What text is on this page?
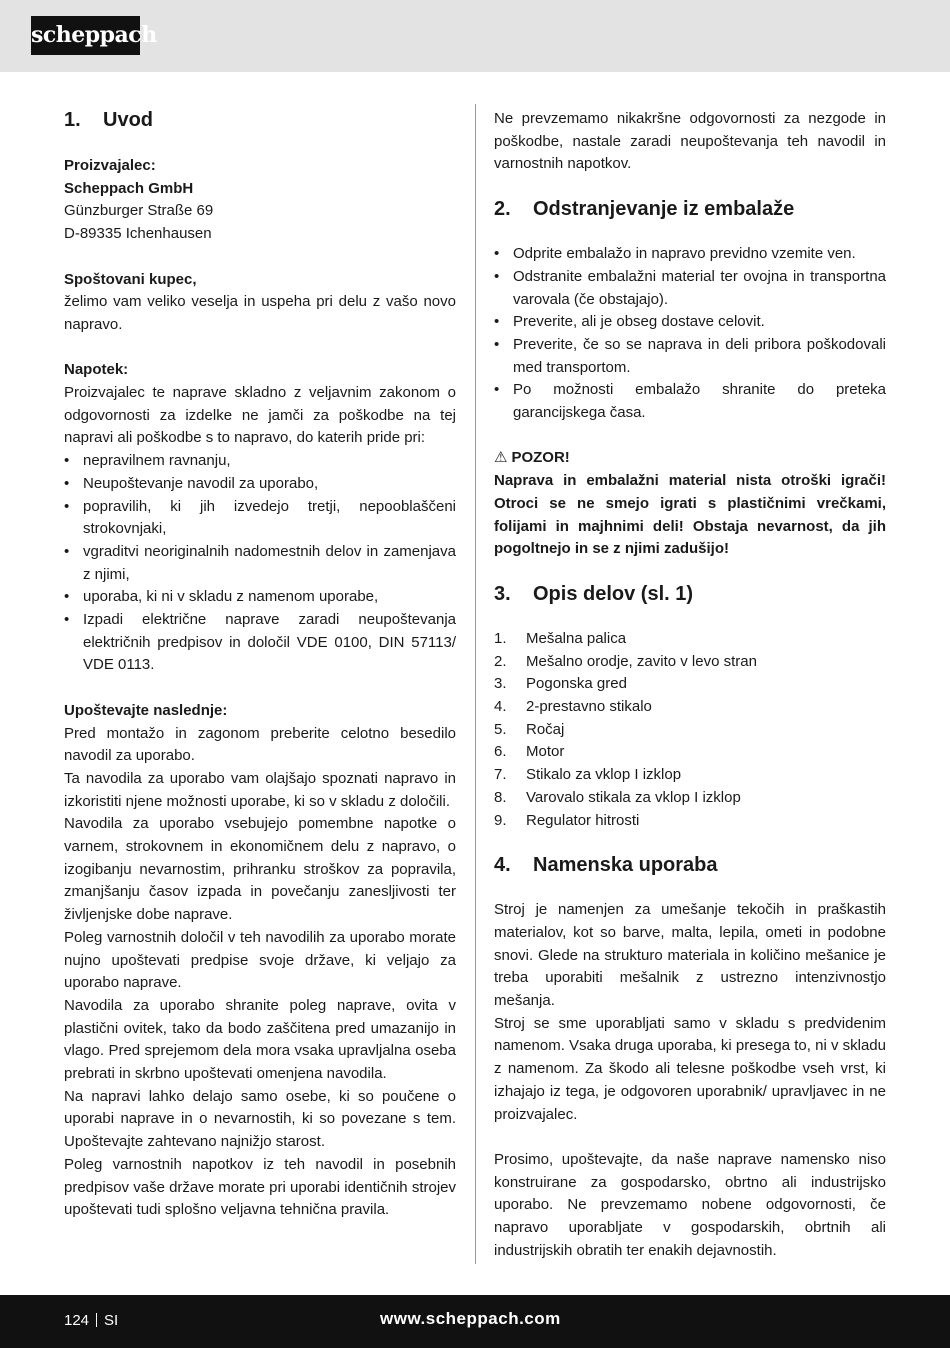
scheppach
1.	Uvod

Proizvajalec:

Scheppach GmbH

Günzburger Straße 69

D-89335 Ichenhausen

Spoštovani kupec,

želimo vam veliko veselja in uspeha pri delu z vašo novo napravo.

Napotek:

Proizvajalec te naprave skladno z veljavnim zakonom o odgovornosti za izdelke ne jamči za poškodbe na tej napravi ali poškodbe s to napravo, do katerih pride pri:

• nepravilnem ravnanju,
• Neupoštevanje navodil za uporabo,
• popravilih, ki jih izvedejo tretji, nepooblaščeni strokovnjaki,
• vgraditvi neoriginalnih nadomestnih delov in zamenjava z njimi,
• uporaba, ki ni v skladu z namenom uporabe,
• Izpadi električne naprave zaradi neupoštevanja električnih predpisov in določil VDE 0100, DIN 57113/ VDE 0113.

Upoštevajte naslednje:

Pred montažo in zagonom preberite celotno besedilo navodil za uporabo.

Ta navodila za uporabo vam olajšajo spoznati napravo in izkoristiti njene možnosti uporabe, ki so v skladu z določili.

Navodila za uporabo vsebujejo pomembne napotke o varnem, strokovnem in ekonomičnem delu z napravo, o izogibanju nevarnostim, prihranku stroškov za popravila, zmanjšanju časov izpada in povečanju zanesljivosti ter življenjske dobe naprave.

Poleg varnostnih določil v teh navodilih za uporabo morate nujno upoštevati predpise svoje države, ki veljajo za uporabo naprave.

Navodila za uporabo shranite poleg naprave, ovita v plastični ovitek, tako da bodo zaščitena pred umazanijo in vlago. Pred sprejemom dela mora vsaka upravljalna oseba prebrati in skrbno upoštevati omenjena navodila.

Na napravi lahko delajo samo osebe, ki so poučene o uporabi naprave in o nevarnostih, ki so povezane s tem. Upoštevajte zahtevano najnižjo starost.

Poleg varnostnih napotkov iz teh navodil in posebnih predpisov vaše države morate pri uporabi identičnih strojev upoštevati tudi splošno veljavna tehnična pravila.

Ne prevzemamo nikakršne odgovornosti za nezgode in poškodbe, nastale zaradi neupoštevanja teh navodil in varnostnih napotkov.

2.	Odstranjevanje iz embalaže
• Odprite embalažo in napravo previdno vzemite ven.
• Odstranite embalažni material ter ovojna in transportna varovala (če obstajajo).
• Preverite, ali je obseg dostave celovit.
• Preverite, če so se naprava in deli pribora poškodovali med transportom.
• Po možnosti embalažo shranite do preteka garancijskega časa.

⚠ POZOR!

Naprava in embalažni material nista otroški igrači! Otroci se ne smejo igrati s plastičnimi vrečkami, folijami in majhnimi deli! Obstaja nevarnost, da jih pogoltnejo in se z njimi zadušijo!

3.	Opis delov (sl. 1)
1.	Mešalna palica
2.	Mešalno orodje, zavito v levo stran
3.	Pogonska gred
4.	2-prestavno stikalo
5.	Ročaj
6.	Motor
7.	Stikalo za vklop I izklop
8.	Varovalo stikala za vklop I izklop
9.	Regulator hitrosti
4.	Namenska uporaba

Stroj je namenjen za umešanje tekočih in praškastih materialov, kot so barve, malta, lepila, ometi in podobne snovi. Glede na strukturo materiala in količino mešanice je treba uporabiti mešalnik z ustrezno intenzivnostjo mešanja.

Stroj se sme uporabljati samo v skladu s predvidenim namenom. Vsaka druga uporaba, ki presega to, ni v skladu z namenom. Za škodo ali telesne poškodbe vseh vrst, ki izhajajo iz tega, je odgovoren uporabnik/ upravljavec in ne proizvajalec.

Prosimo, upoštevajte, da naše naprave namensko niso konstruirane za gospodarsko, obrtno ali industrijsko uporabo. Ne prevzemamo nobene odgovornosti, če napravo uporabljate v gospodarskih, obrtnih ali industrijskih obratih ter enakih dejavnostih.

124 SI	www.scheppach.com
